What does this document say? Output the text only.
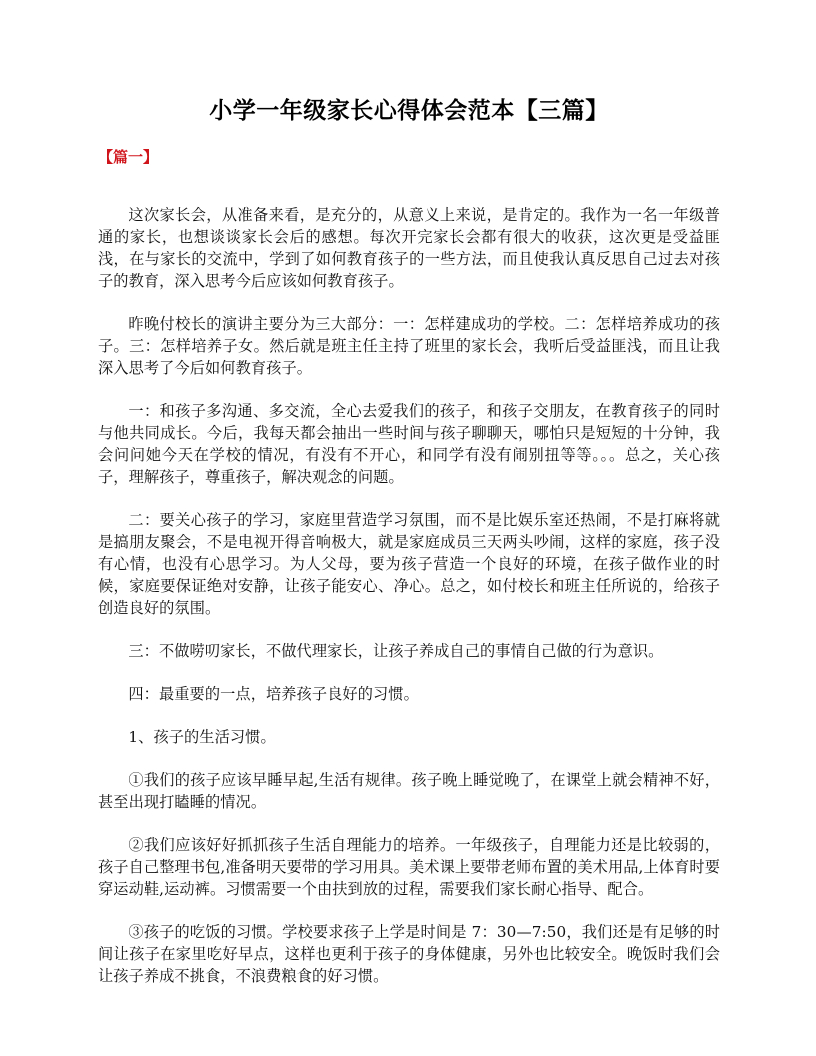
小学一年级家长心得体会范本【三篇】
【篇一】

这次家长会，从准备来看，是充分的，从意义上来说，是肯定的。我作为一名一年级普通的家长，也想谈谈家长会后的感想。每次开完家长会都有很大的收获，这次更是受益匪浅，在与家长的交流中，学到了如何教育孩子的一些方法，而且使我认真反思自己过去对孩子的教育，深入思考今后应该如何教育孩子。

昨晚付校长的演讲主要分为三大部分：一：怎样建成功的学校。二：怎样培养成功的孩子。三：怎样培养子女。然后就是班主任主持了班里的家长会，我听后受益匪浅，而且让我深入思考了今后如何教育孩子。

一：和孩子多沟通、多交流，全心去爱我们的孩子，和孩子交朋友，在教育孩子的同时与他共同成长。今后，我每天都会抽出一些时间与孩子聊聊天，哪怕只是短短的十分钟，我会问问她今天在学校的情况，有没有不开心，和同学有没有闹别扭等等。。。总之，关心孩子，理解孩子，尊重孩子，解决观念的问题。

二：要关心孩子的学习，家庭里营造学习氛围，而不是比娱乐室还热闹，不是打麻将就是搞朋友聚会，不是电视开得音响极大，就是家庭成员三天两头吵闹，这样的家庭，孩子没有心情，也没有心思学习。为人父母，要为孩子营造一个良好的环境，在孩子做作业的时候，家庭要保证绝对安静，让孩子能安心、净心。总之，如付校长和班主任所说的，给孩子创造良好的氛围。

三：不做唠叨家长，不做代理家长，让孩子养成自己的事情自己做的行为意识。

四：最重要的一点，培养孩子良好的习惯。

1、孩子的生活习惯。

①我们的孩子应该早睡早起,生活有规律。孩子晚上睡觉晚了，在课堂上就会精神不好，甚至出现打瞌睡的情况。

②我们应该好好抓抓孩子生活自理能力的培养。一年级孩子，自理能力还是比较弱的，孩子自己整理书包,准备明天要带的学习用具。美术课上要带老师布置的美术用品,上体育时要穿运动鞋,运动裤。习惯需要一个由扶到放的过程，需要我们家长耐心指导、配合。

③孩子的吃饭的习惯。学校要求孩子上学是时间是 7：30—7:50，我们还是有足够的时间让孩子在家里吃好早点，这样也更利于孩子的身体健康，另外也比较安全。晚饭时我们会让孩子养成不挑食，不浪费粮食的好习惯。
